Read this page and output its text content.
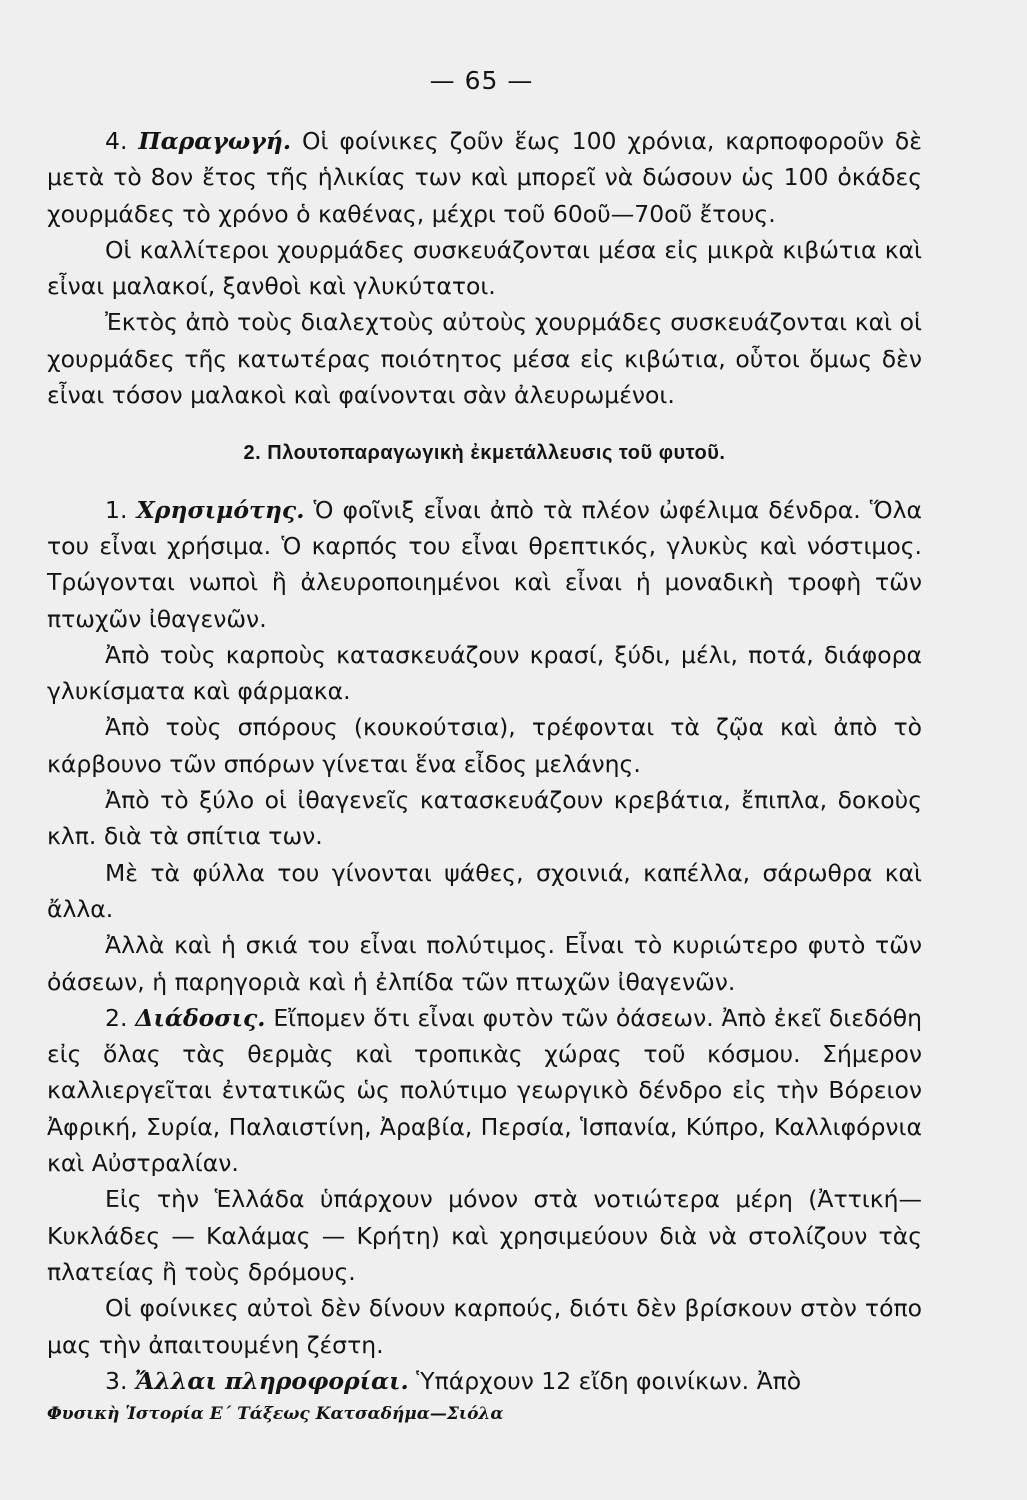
— 65 —

4. Παραγωγή. Οἱ φοίνικες ζοῦν ἕως 100 χρόνια, καρποφοροῦν δὲ μετὰ τὸ 8ον ἔτος τῆς ἡλικίας των καὶ μπορεῖ νὰ δώσουν ὡς 100 ὀκάδες χουρμάδες τὸ χρόνο ὁ καθένας, μέχρι τοῦ 60οῦ—70οῦ ἔτους.

Οἱ καλλίτεροι χουρμάδες συσκευάζονται μέσα εἰς μικρὰ κιβώτια καὶ εἶναι μαλακοί, ξανθοὶ καὶ γλυκύτατοι.

Ἐκτὸς ἀπὸ τοὺς διαλεχτοὺς αὐτοὺς χουρμάδες συσκευάζονται καὶ οἱ χουρμάδες τῆς κατωτέρας ποιότητος μέσα εἰς κιβώτια, οὗτοι ὅμως δὲν εἶναι τόσον μαλακοὶ καὶ φαίνονται σὰν ἀλευρωμένοι.

2. Πλουτοπαραγωγικὴ ἐκμετάλλευσις τοῦ φυτοῦ.

1. Χρησιμότης. Ὁ φοῖνιξ εἶναι ἀπὸ τὰ πλέον ὠφέλιμα δένδρα. Ὅλα του εἶναι χρήσιμα. Ὁ καρπός του εἶναι θρεπτικός, γλυκὺς καὶ νόστιμος. Τρώγονται νωποὶ ἢ ἀλευροποιημένοι καὶ εἶναι ἡ μοναδικὴ τροφὴ τῶν πτωχῶν ἰθαγενῶν.

Ἀπὸ τοὺς καρποὺς κατασκευάζουν κρασί, ξύδι, μέλι, ποτά, διάφορα γλυκίσματα καὶ φάρμακα.

Ἀπὸ τοὺς σπόρους (κουκούτσια), τρέφονται τὰ ζῷα καὶ ἀπὸ τὸ κάρβουνο τῶν σπόρων γίνεται ἕνα εἶδος μελάνης.

Ἀπὸ τὸ ξύλο οἱ ἰθαγενεῖς κατασκευάζουν κρεβάτια, ἔπιπλα, δοκοὺς κλπ. διὰ τὰ σπίτια των.

Μὲ τὰ φύλλα του γίνονται ψάθες, σχοινιά, καπέλλα, σάρωθρα καὶ ἄλλα.

Ἀλλὰ καὶ ἡ σκιά του εἶναι πολύτιμος. Εἶναι τὸ κυριώτερο φυτὸ τῶν ὀάσεων, ἡ παρηγοριὰ καὶ ἡ ἐλπίδα τῶν πτωχῶν ἰθαγενῶν.

2. Διάδοσις. Εἴπομεν ὅτι εἶναι φυτὸν τῶν ὀάσεων. Ἀπὸ ἐκεῖ διεδόθη εἰς ὅλας τὰς θερμὰς καὶ τροπικὰς χώρας τοῦ κόσμου. Σήμερον καλλιεργεῖται ἐντατικῶς ὡς πολύτιμο γεωργικὸ δένδρο εἰς τὴν Βόρειον Ἀφρική, Συρία, Παλαιστίνη, Ἀραβία, Περσία, Ἱσπανία, Κύπρο, Καλλιφόρνια καὶ Αὐστραλίαν.

Εἰς τὴν Ἑλλάδα ὑπάρχουν μόνον στὰ νοτιώτερα μέρη (Ἀττική— Κυκλάδες — Καλάμας — Κρήτη) καὶ χρησιμεύουν διὰ νὰ στολίζουν τὰς πλατείας ἢ τοὺς δρόμους.

Οἱ φοίνικες αὐτοὶ δὲν δίνουν καρπούς, διότι δὲν βρίσκουν στὸν τόπο μας τὴν ἀπαιτουμένη ζέστη.

3. Ἄλλαι πληροφορίαι. Ὑπάρχουν 12 εἴδη φοινίκων. Ἀπὸ

Φυσικὴ Ἱστορία Ε΄ Τάξεως Κατσαδήμα—Σιόλα
